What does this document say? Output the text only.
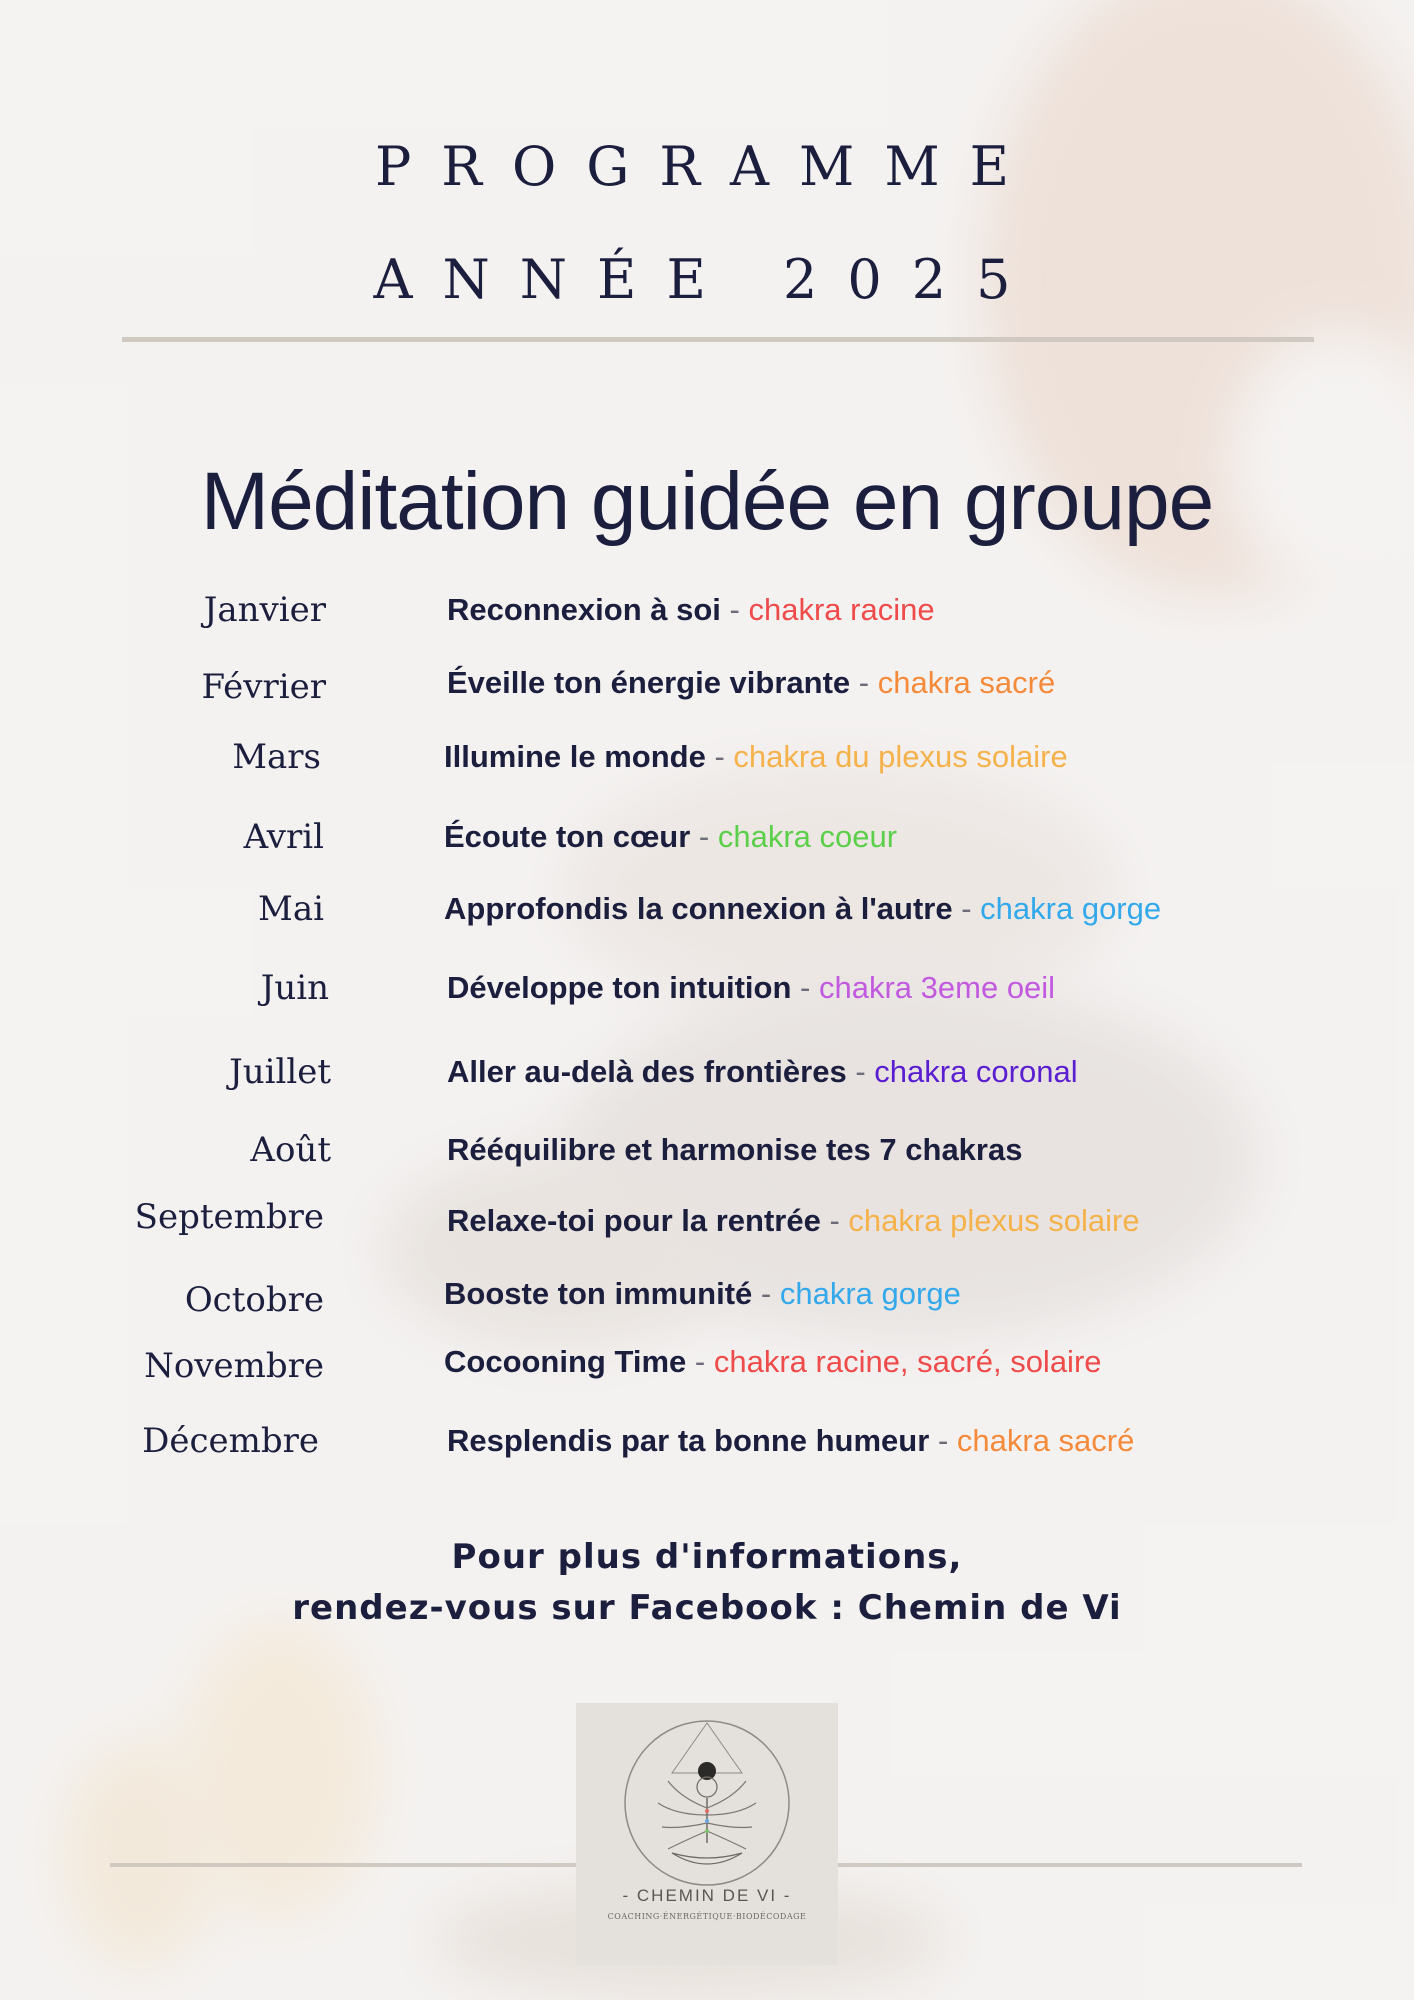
PROGRAMME
ANNÉE 2025
Méditation guidée en groupe
Janvier	Reconnexion à soi - chakra racine
Février	Éveille ton énergie vibrante - chakra sacré
Mars	Illumine le monde - chakra du plexus solaire
Avril	Écoute ton cœur - chakra coeur
Mai	Approfondis la connexion à l'autre - chakra gorge
Juin	Développe ton intuition - chakra 3eme oeil
Juillet	Aller au-delà des frontières - chakra coronal
Août	Rééquilibre et harmonise tes 7 chakras
Septembre	Relaxe-toi pour la rentrée - chakra plexus solaire
Octobre	Booste ton immunité - chakra gorge
Novembre	Cocooning Time - chakra racine, sacré, solaire
Décembre	Resplendis par ta bonne humeur - chakra sacré
Pour plus d'informations,
rendez-vous sur Facebook : Chemin de Vi
- CHEMIN DE VI -
COACHING·ÉNERGÉTIQUE·BIODÉCODAGE
